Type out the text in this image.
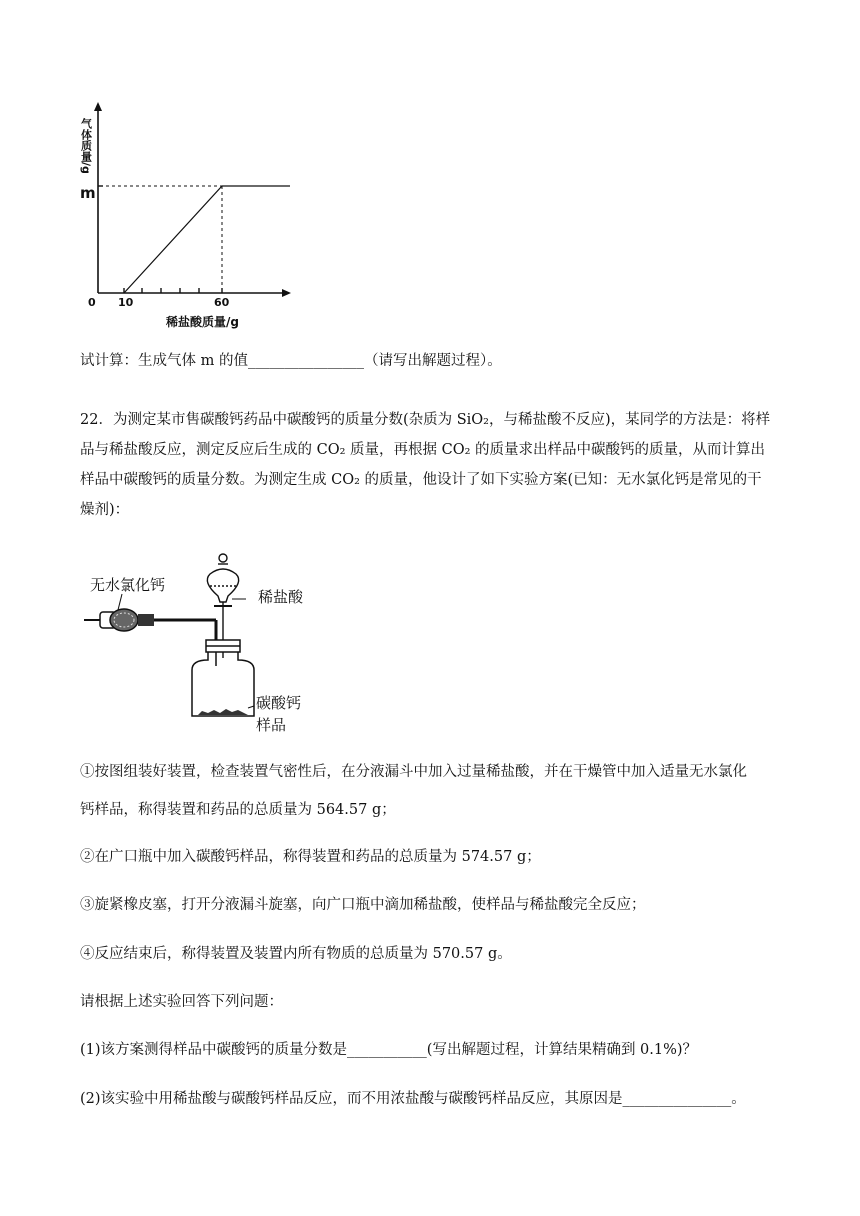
气体质量/g
m
0 10	60
稀盐酸质量/g
试计算：生成气体 m 的值________________（请写出解题过程）。
22．为测定某市售碳酸钙药品中碳酸钙的质量分数(杂质为 SiO₂，与稀盐酸不反应)，某同学的方法是：将样
品与稀盐酸反应，测定反应后生成的 CO₂ 质量，再根据 CO₂ 的质量求出样品中碳酸钙的质量，从而计算出
样品中碳酸钙的质量分数。为测定生成 CO₂ 的质量，他设计了如下实验方案(已知：无水氯化钙是常见的干
燥剂)：
无水氯化钙
稀盐酸
碳酸钙
样品
①按图组装好装置，检查装置气密性后，在分液漏斗中加入过量稀盐酸，并在干燥管中加入适量无水氯化
钙样品，称得装置和药品的总质量为 564.57 g；
②在广口瓶中加入碳酸钙样品，称得装置和药品的总质量为 574.57 g；
③旋紧橡皮塞，打开分液漏斗旋塞，向广口瓶中滴加稀盐酸，使样品与稀盐酸完全反应；
④反应结束后，称得装置及装置内所有物质的总质量为 570.57 g。
请根据上述实验回答下列问题：
(1)该方案测得样品中碳酸钙的质量分数是___________(写出解题过程，计算结果精确到 0.1%)？
(2)该实验中用稀盐酸与碳酸钙样品反应，而不用浓盐酸与碳酸钙样品反应，其原因是_______________。
